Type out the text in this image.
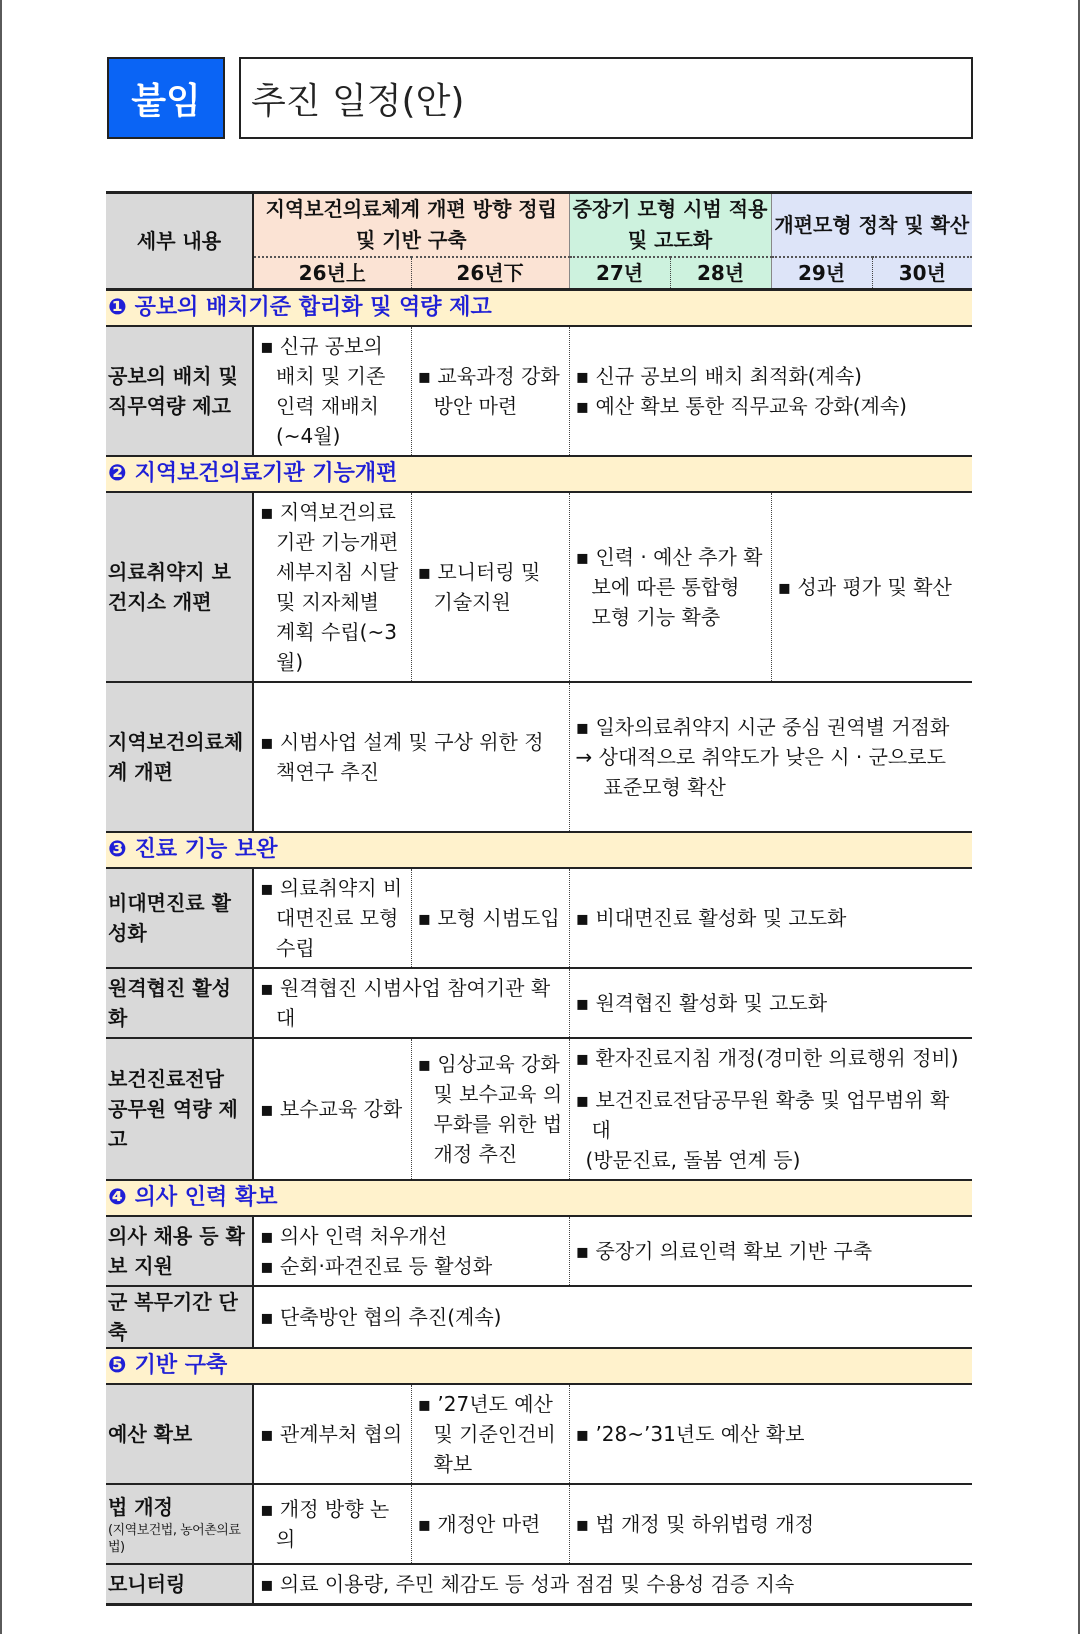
붙임 추진 일정(안)
세부 내용	지역보건의료체계 개편 방향 정립 및 기반 구축		중장기 모형 시범 적용 및 고도화		개편모형 정착 및 확산	
	26년上	26년下	27년	28년	29년	30년
❶ 공보의 배치기준 합리화 및 역량 제고						
공보의 배치 및 직무역량 제고	▪ 신규 공보의 배치 및 기존 인력 재배치(~4월)	▪ 교육과정 강화 방안 마련	▪ 신규 공보의 배치 최적화(계속)
▪ 예산 확보 통한 직무교육 강화(계속)			

❷ 지역보건의료기관 기능개편						
의료취약지 보건지소 개편	▪ 지역보건의료기관 기능개편 세부지침 시달 및 지자체별 계획 수립(~3월)	▪ 모니터링 및 기술지원	▪ 인력 · 예산 추가 확보에 따른 통합형 모형 기능 확충		▪ 성과 평가 및 확산	

지역보건의료체계 개편	▪ 시범사업 설계 및 구상 위한 정책연구 추진		▪ 일차의료취약지 시군 중심 권역별 거점화
→ 상대적으로 취약도가 낮은 시 · 군으로도
표준모형 확산			

❸ 진료 기능 보완						
비대면진료 활성화	▪ 의료취약지 비대면진료 모형 수립	▪ 모형 시범도입	▪ 비대면진료 활성화 및 고도화			

원격협진 활성화	▪ 원격협진 시범사업 참여기관 확대		▪ 원격협진 활성화 및 고도화			

보건진료전담 공무원 역량 제고	▪ 보수교육 강화	▪ 임상교육 강화 및 보수교육 의무화를 위한 법 개정 추진	▪ 환자진료지침 개정(경미한 의료행위 정비)
▪ 보건진료전담공무원 확충 및 업무범위 확대
(방문진료, 돌봄 연계 등)			

❹ 의사 인력 확보						
의사 채용 등 확보 지원	▪ 의사 인력 처우개선
▪ 순회·파견진료 등 활성화		▪ 중장기 의료인력 확보 기반 구축			

군 복무기간 단축	▪ 단축방안 협의 추진(계속)					

❺ 기반 구축						
예산 확보	▪ 관계부처 협의	▪ ’27년도 예산 및 기준인건비 확보	▪ ’28~’31년도 예산 확보			

법 개정
(지역보건법, 농어촌의료법)	▪ 개정 방향 논의	▪ 개정안 마련	▪ 법 개정 및 하위법령 개정			

모니터링	▪ 의료 이용량, 주민 체감도 등 성과 점검 및 수용성 검증 지속					
